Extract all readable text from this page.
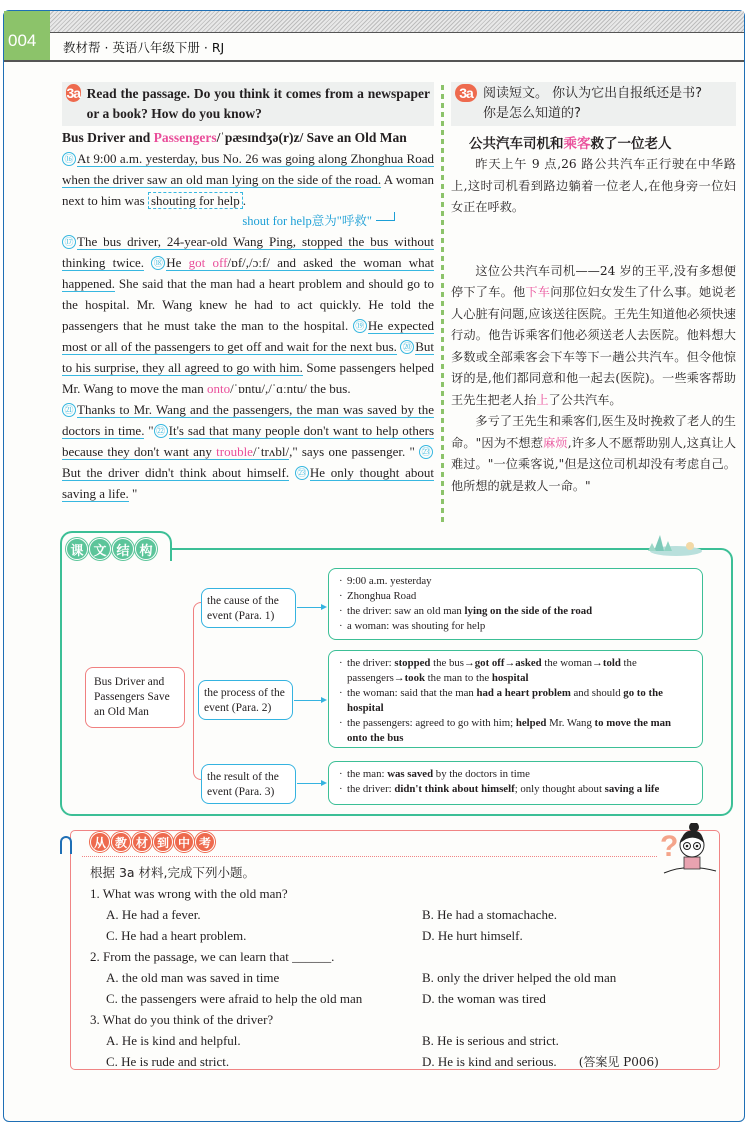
004	教材帮 · 英语八年级下册 · RJ
3a Read the passage. Do you think it comes from a newspaper or a book? How do you know?
Bus Driver and Passengers/ˈpæsɪndʒə(r)z/ Save an Old Man
⑯ At 9:00 a.m. yesterday, bus No. 26 was going along Zhonghua Road when the driver saw an old man lying on the side of the road. A woman next to him was shouting for help .
shout for help意为"呼救"
⑰ The bus driver, 24-year-old Wang Ping, stopped the bus without thinking twice. ⑱ He got off/ɒf/,/ɔːf/ and asked the woman what happened. She said that the man had a heart problem and should go to the hospital. Mr. Wang knew he had to act quickly. He told the passengers that he must take the man to the hospital. ⑲ He expected most or all of the passengers to get off and wait for the next bus. ⑳ But to his surprise, they all agreed to go with him. Some passengers helped Mr. Wang to move the man onto/ˈɒntu/,/ˈɑːntu/ the bus.
㉑ Thanks to Mr. Wang and the passengers, the man was saved by the doctors in time. " ㉒ It's sad that many people don't want to help others because they don't want any trouble/ˈtrʌbl/," says one passenger. " ㉓But the driver didn't think about himself. ㉓ He only thought about saving a life. "
3a 阅读短文。 你认为它出自报纸还是书?
你是怎么知道的?
公共汽车司机和乘客救了一位老人
昨天上午 9 点,26 路公共汽车正行驶在中华路上,这时司机看到路边躺着一位老人,在他身旁一位妇女正在呼救。
这位公共汽车司机——24 岁的王平,没有多想便停下了车。他下车问那位妇女发生了什么事。她说老人心脏有问题,应该送往医院。王先生知道他必须快速行动。他告诉乘客们他必须送老人去医院。他料想大多数或全部乘客会下车等下一趟公共汽车。但令他惊讶的是,他们都同意和他一起去(医院)。一些乘客帮助王先生把老人抬上了公共汽车。
多亏了王先生和乘客们,医生及时挽救了老人的生命。"因为不想惹麻烦,许多人不愿帮助别人,这真让人难过。"一位乘客说,"但是这位司机却没有考虑自己。他所想的就是救人一命。"
课 文 结 构
Bus Driver and Passengers Save an Old Man
the cause of the event (Para. 1)
· 9:00 a.m. yesterday
· Zhonghua Road
· the driver: saw an old man lying on the side of the road
· a woman: was shouting for help
the process of the event (Para. 2)
· the driver: stopped the bus→got off→asked the woman→told the passengers→took the man to the hospital
· the woman: said that the man had a heart problem and should go to the hospital
· the passengers: agreed to go with him; helped Mr. Wang to move the man onto the bus
the result of the event (Para. 3)
· the man: was saved by the doctors in time
· the driver: didn't think about himself; only thought about saving a life
从 教 材 到 中 考	?
根据 3a 材料,完成下列小题。
1. What was wrong with the old man?
A. He had a fever.	B. He had a stomachache.
C. He had a heart problem.	D. He hurt himself.
2. From the passage, we can learn that ______.
A. the old man was saved in time	B. only the driver helped the old man
C. the passengers were afraid to help the old man	D. the woman was tired
3. What do you think of the driver?
A. He is kind and helpful.	B. He is serious and strict.
C. He is rude and strict.	D. He is kind and serious. (答案见 P006)
